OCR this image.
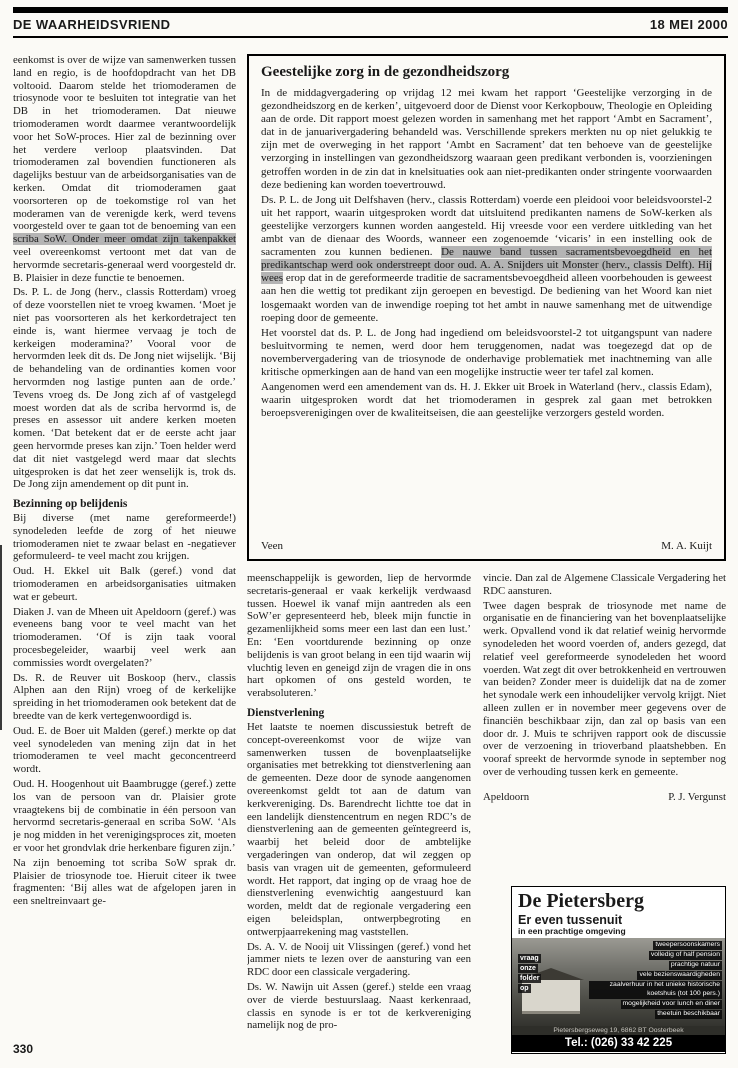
DE WAARHEIDSVRIEND	18 MEI 2000

eenkomst is over de wijze van samenwerken tussen land en regio, is de hoofdopdracht van het DB voltooid. Daarom stelde het triomoderamen de triosynode voor te besluiten tot integratie van het DB in het triomoderamen. Dat nieuwe triomoderamen wordt daarmee verantwoordelijk voor het SoW-proces. Hier zal de bezinning over het verdere verloop plaatsvinden. Dat triomoderamen zal bovendien functioneren als dagelijks bestuur van de arbeidsorganisaties van de kerken. Omdat dit triomoderamen gaat voorsorteren op de toekomstige rol van het moderamen van de verenigde kerk, werd tevens voorgesteld over te gaan tot de benoeming van een scriba SoW. Onder meer omdat zijn takenpakket veel overeenkomst vertoont met dat van de hervormde secretaris-generaal werd voorgesteld dr. B. Plaisier in deze functie te benoemen.

Ds. P. L. de Jong (herv., classis Rotterdam) vroeg of deze voorstellen niet te vroeg kwamen. ‘Moet je niet pas voorsorteren als het kerkordetraject ten einde is, want hiermee vervaag je toch de kerkeigen moderamina?’ Vooral voor de hervormden leek dit ds. De Jong niet wijselijk. ‘Bij de behandeling van de ordinanties komen voor hervormden nog lastige punten aan de orde.’ Tevens vroeg ds. De Jong zich af of vastgelegd moest worden dat als de scriba hervormd is, de preses en assessor uit andere kerken moeten komen. ‘Dat betekent dat er de eerste acht jaar geen hervormde preses kan zijn.’ Toen helder werd dat dit niet vastgelegd werd maar dat slechts uitgesproken is dat het zeer wenselijk is, trok ds. De Jong zijn amendement op dit punt in.

Bezinning op belijdenis

Bij diverse (met name gereformeerde!) synodeleden leefde de zorg of het nieuwe triomoderamen niet te zwaar belast en -negatiever geformuleerd- te veel macht zou krijgen.

Oud. H. Ekkel uit Balk (geref.) vond dat triomoderamen en arbeidsorganisaties uitmaken wat er gebeurt.

Diaken J. van de Mheen uit Apeldoorn (geref.) was eveneens bang voor te veel macht van het triomoderamen. ‘Of is zijn taak vooral procesbegeleider, waarbij veel werk aan commissies wordt overgelaten?’

Ds. R. de Reuver uit Boskoop (herv., classis Alphen aan den Rijn) vroeg of de kerkelijke spreiding in het triomoderamen ook betekent dat de breedte van de kerk vertegenwoordigd is.

Oud. E. de Boer uit Malden (geref.) merkte op dat veel synodeleden van mening zijn dat in het triomoderamen te veel macht geconcentreerd wordt.

Oud. H. Hoogenhout uit Baambrugge (geref.) zette los van de persoon van dr. Plaisier grote vraagtekens bij de combinatie in één persoon van hervormd secretaris-generaal en scriba SoW. ‘Als je nog midden in het verenigingsproces zit, moeten er voor het grondvlak drie herkenbare figuren zijn.’

Na zijn benoeming tot scriba SoW sprak dr. Plaisier de triosynode toe. Hieruit citeer ik twee fragmenten: ‘Bij alles wat de afgelopen jaren in een sneltreinvaart ge-

Geestelijke zorg in de gezondheidszorg

In de middagvergadering op vrijdag 12 mei kwam het rapport ‘Geestelijke verzorging in de gezondheidszorg en de kerken’, uitgevoerd door de Dienst voor Kerkopbouw, Theologie en Opleiding aan de orde. Dit rapport moest gelezen worden in samenhang met het rapport ‘Ambt en Sacrament’, dat in de januarivergadering behandeld was. Verschillende sprekers merkten nu op niet gelukkig te zijn met de overweging in het rapport ‘Ambt en Sacrament’ dat ten behoeve van de geestelijke verzorging in instellingen van gezondheidszorg waaraan geen predikant verbonden is, voorzieningen getroffen worden in de zin dat in knelsituaties ook aan niet-predikanten onder stringente voorwaarden deze bediening kan worden toevertrouwd.

Ds. P. L. de Jong uit Delfshaven (herv., classis Rotterdam) voerde een pleidooi voor beleidsvoorstel-2 uit het rapport, waarin uitgesproken wordt dat uitsluitend predikanten namens de SoW-kerken als geestelijke verzorgers kunnen worden aangesteld. Hij vreesde voor een verdere uitkleding van het ambt van de dienaar des Woords, wanneer een zogenoemde ‘vicaris’ in een instelling ook de sacramenten zou kunnen bedienen. De nauwe band tussen sacramentsbevoegdheid en het predikantschap werd ook onderstreept door oud. A. A. Snijders uit Monster (herv., classis Delft). Hij wees erop dat in de gereformeerde traditie de sacramentsbevoegdheid alleen voorbehouden is geweest aan hen die wettig tot predikant zijn geroepen en bevestigd. De bediening van het Woord kan niet losgemaakt worden van de inwendige roeping tot het ambt in nauwe samenhang met de uitwendige roeping door de gemeente.

Het voorstel dat ds. P. L. de Jong had ingediend om beleidsvoorstel-2 tot uitgangspunt van nadere besluitvorming te nemen, werd door hem teruggenomen, nadat was toegezegd dat op de novembervergadering van de triosynode de onderhavige problematiek met inachtneming van alle kritische opmerkingen aan de hand van een mogelijke instructie weer ter tafel zal komen.

Aangenomen werd een amendement van ds. H. J. Ekker uit Broek in Waterland (herv., classis Edam), waarin uitgesproken wordt dat het triomoderamen in gesprek zal gaan met betrokken beroepsverenigingen over de kwaliteitseisen, die aan geestelijke verzorgers gesteld worden.

Veen	M. A. Kuijt

meenschappelijk is geworden, liep de hervormde secretaris-generaal er vaak kerkelijk verdwaasd tussen. Hoewel ik vanaf mijn aantreden als een SoW’er gepresenteerd heb, bleek mijn functie in gezamenlijkheid soms meer een last dan een lust.’ En: ‘Een voortdurende bezinning op onze belijdenis is van groot belang in een tijd waarin wij vluchtig leven en geneigd zijn de vragen die in ons hart opkomen of ons gesteld worden, te verabsoluteren.’

Dienstverlening

Het laatste te noemen discussiestuk betreft de concept-overeenkomst voor de wijze van samenwerken tussen de bovenplaatselijke organisaties met betrekking tot dienstverlening aan de gemeenten. Deze door de synode aangenomen overeenkomst geldt tot aan de datum van kerkvereniging. Ds. Barendrecht lichtte toe dat in een landelijk dienstencentrum en negen RDC’s de dienstverlening aan de gemeenten geïntegreerd is, waarbij het beleid door de ambtelijke vergaderingen van onderop, dat wil zeggen op basis van vragen uit de gemeenten, geformuleerd wordt. Het rapport, dat inging op de vraag hoe de dienstverlening evenwichtig aangestuurd kan worden, meldt dat de regionale vergadering een eigen beleidsplan, ontwerpbegroting en ontwerpjaarrekening mag vaststellen.

Ds. A. V. de Nooij uit Vlissingen (geref.) vond het jammer niets te lezen over de aansturing van een RDC door een classicale vergadering.

Ds. W. Nawijn uit Assen (geref.) stelde een vraag over de vierde bestuurslaag. Naast kerkenraad, classis en synode is er tot de kerkvereniging namelijk nog de pro-

vincie. Dan zal de Algemene Classicale Vergadering het RDC aansturen.

Twee dagen besprak de triosynode met name de organisatie en de financiering van het bovenplaatselijke werk. Opvallend vond ik dat relatief weinig hervormde synodeleden het woord voerden of, anders gezegd, dat relatief veel gereformeerde synodeleden het woord voerden. Wat zegt dit over betrokkenheid en vertrouwen van beiden? Zonder meer is duidelijk dat na de zomer het synodale werk een inhoudelijker vervolg krijgt. Niet alleen zullen er in november meer gegevens over de financiën beschikbaar zijn, dan zal op basis van een door dr. J. Muis te schrijven rapport ook de discussie over de verzoening in trioverband plaatshebben. En vooraf spreekt de hervormde synode in september nog over de verhouding tussen kerk en gemeente.

Apeldoorn	P. J. Vergunst
De Pietersberg
Er even tussenuit
in een prachtige omgeving
vraag
onze
folder
op
tweepersoonskamers
volledig of half pension
prachtige natuur
vele bezienswaardigheden
zaalverhuur in het unieke historische koetshuis (tot 100 pers.)
mogelijkheid voor lunch en diner
theetuin beschikbaar
Pietersbergseweg 19, 6862 BT Oosterbeek
Tel.: (026) 33 42 225
330
